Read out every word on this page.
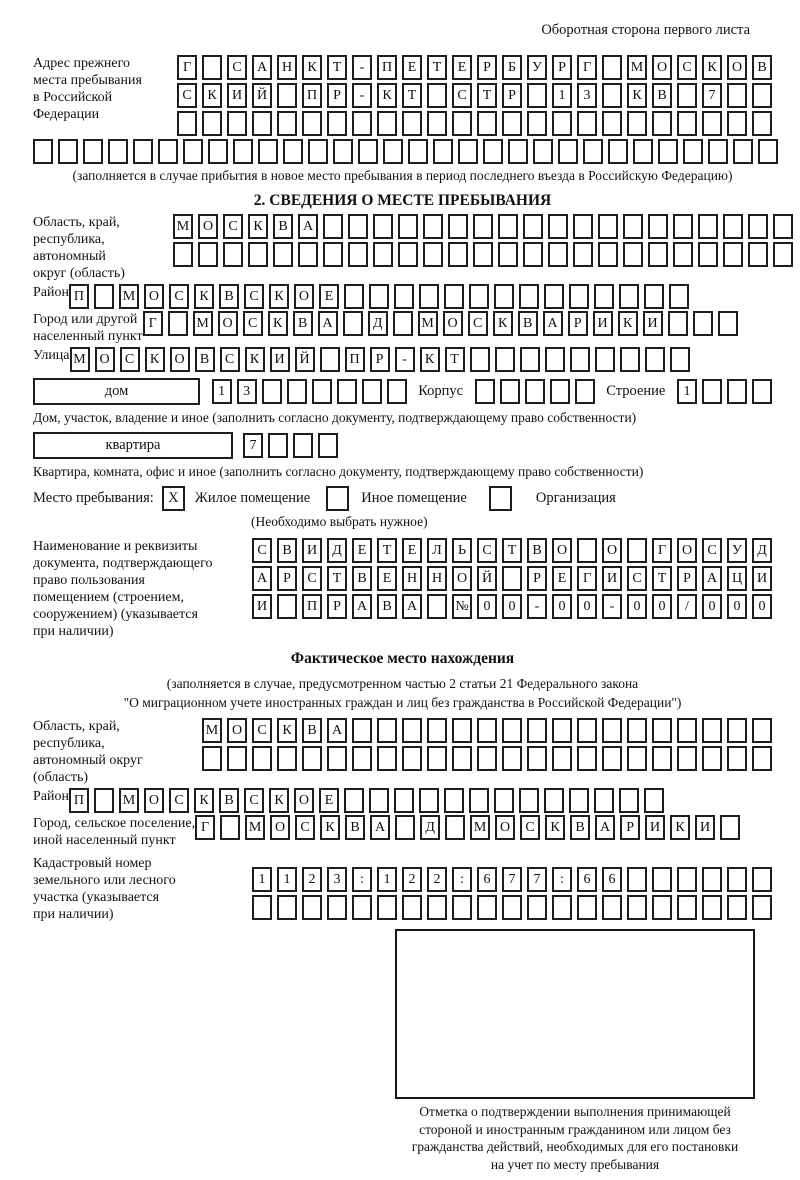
Оборотная сторона первого листа
Адрес прежнего
места пребывания
в Российской
Федерации
Г	С	А	Н	К	Т	-	П	Е	Т	Е	Р	Б	У	Р	Г	М О	С	К	О	В
С	К	И	Й	П	Р	-	К	Т	С	Т	Р	1	3	К	В	7
(заполняется в случае прибытия в новое место пребывания в период последнего въезда в Российскую Федерацию)
2. СВЕДЕНИЯ О МЕСТЕ ПРЕБЫВАНИЯ
Область, край,
республика,
автономный
округ (область)
М О	С	К	В	А
Район П	М О	С	К	В	С	К	О	Е
Город или другой
населенный пункт
Г	М О	С	К	В	А	Д	М О	С	К	В	А	Р	И	К	И
Улица М О	С	К	О	В	С	К	И	Й	П	Р	-	К	Т
дом	1	3	Корпус	Строение	1
Дом, участок, владение и иное (заполнить согласно документу, подтверждающему право собственности)
квартира	7
Квартира, комната, офис и иное (заполнить согласно документу, подтверждающему право собственности)
Место пребывания: X	Жилое помещение	Иное помещение	Организация
(Необходимо выбрать нужное)
Наименование и реквизиты
документа, подтверждающего
право пользования
помещением (строением,
сооружением) (указывается
при наличии)
С	В	И	Д	Е	Т	Е	Л	Ь	С	Т	В	О	О	Г	О	С	У	Д
А	Р	С	Т	В	Е	Н	Н	О	Й	Р	Е	Г	И	С	Т	Р	А	Ц	И
И	П	Р	А	В	А	№	0	0	-	0	0	-	0	0	/	0	0	0
Фактическое место нахождения
(заполняется в случае, предусмотренном частью 2 статьи 21 Федерального закона
"О миграционном учете иностранных граждан и лиц без гражданства в Российской Федерации")
Область, край,
республика,
автономный округ
(область)
М О	С	К	В	А
Район П	М О	С	К	В	С	К	О	Е
Город, сельское поселение,
иной населенный пункт
Г	М О	С	К	В	А	Д	М О	С	К	В	А	Р	И	К	И
Кадастровый номер
земельного или лесного
участка (указывается
при наличии)
1	1	2	3	:	1	2	2	:	6	7	7	:	6	6
Отметка о подтверждении выполнения принимающей
стороной и иностранным гражданином или лицом без
гражданства действий, необходимых для его постановки
на учет по месту пребывания
